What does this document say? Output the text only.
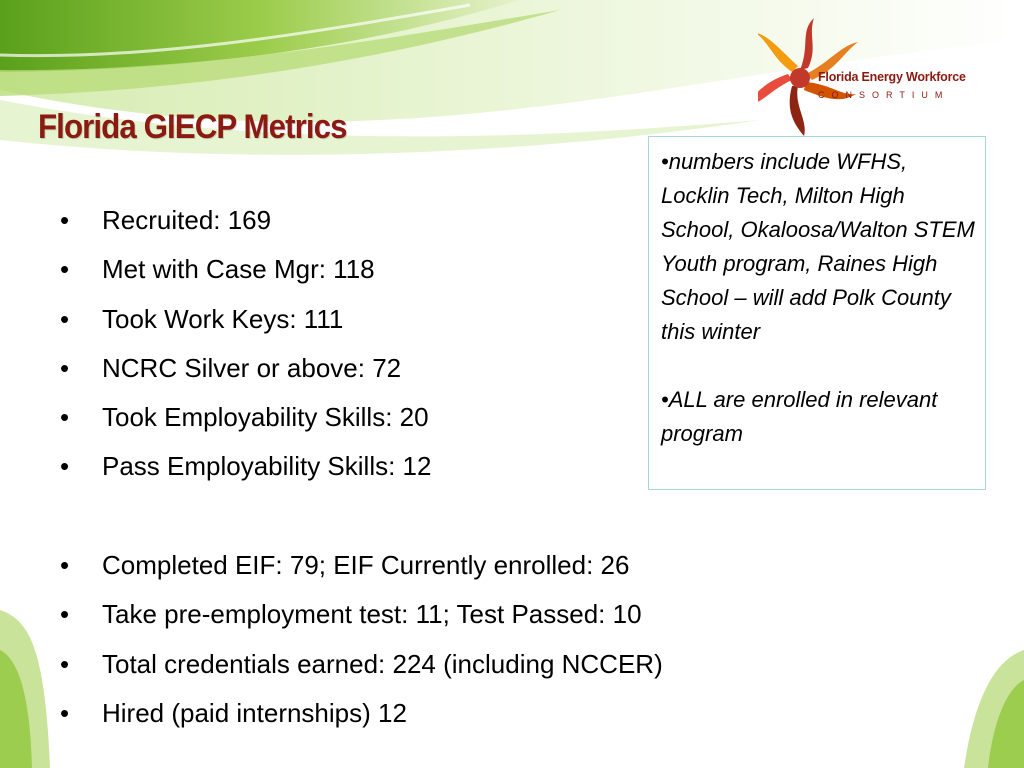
Florida GIECP Metrics
Florida Energy Workforce
CONSORTIUM
• Recruited: 169
• Met with Case Mgr: 118
• Took Work Keys: 111
• NCRC Silver or above: 72
• Took Employability Skills: 20
• Pass Employability Skills: 12
• Completed EIF: 79; EIF Currently enrolled: 26
• Take pre-employment test: 11; Test Passed: 10
• Total credentials earned: 224 (including NCCER)
• Hired (paid internships) 12

•numbers include WFHS, Locklin Tech, Milton High School, Okaloosa/Walton STEM Youth program, Raines High School – will add Polk County this winter

•ALL are enrolled in relevant program
